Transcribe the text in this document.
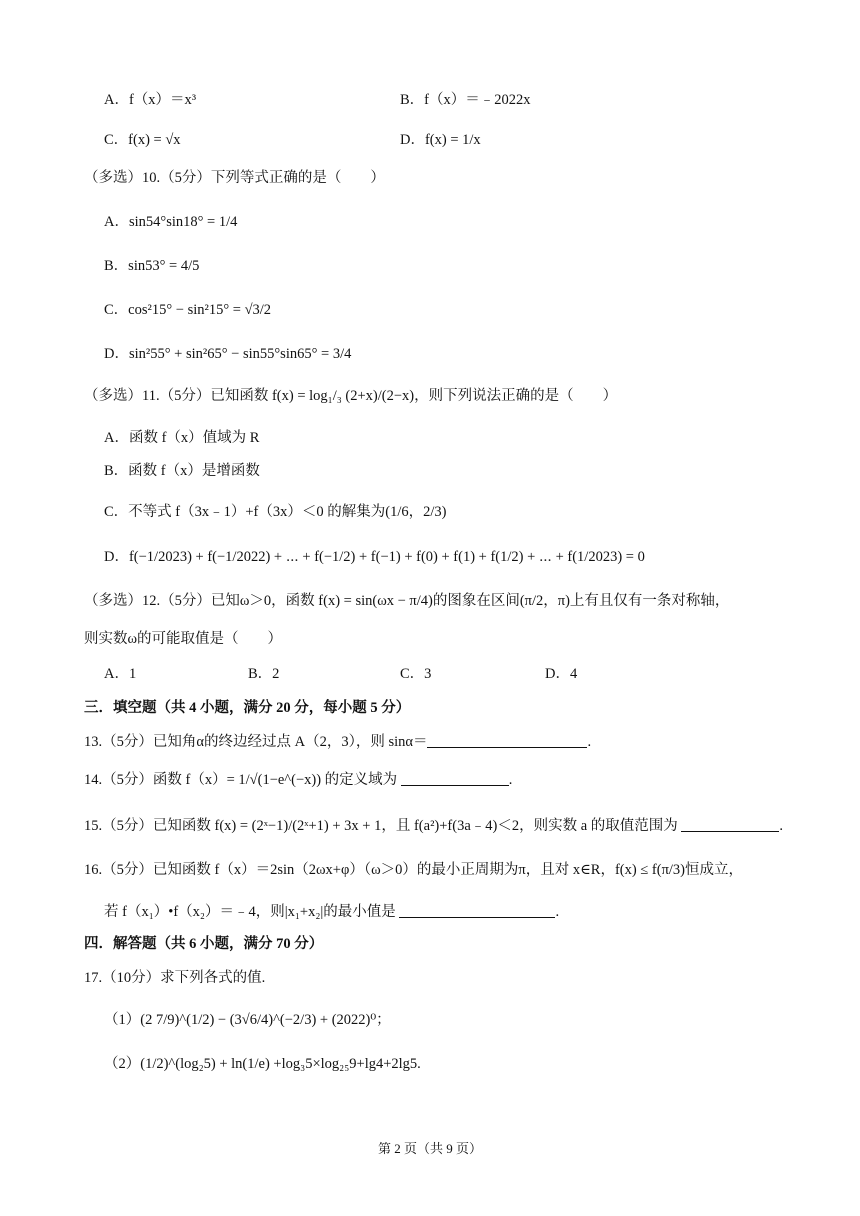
A．f（x）＝x³	B．f（x）＝﹣2022x
C．f(x) = √x	D．f(x) = 1/x
（多选）10.（5分）下列等式正确的是（　　）
A．sin54°sin18° = 1/4
B．sin53° = 4/5
C．cos²15° − sin²15° = √3/2
D．sin²55° + sin²65° − sin55°sin65° = 3/4
（多选）11.（5分）已知函数 f(x) = log₁/₃ (2+x)/(2−x)，则下列说法正确的是（　　）
A．函数 f（x）值域为 R
B．函数 f（x）是增函数
C．不等式 f（3x﹣1）+f（3x）＜0 的解集为(1/6，2/3)
D．f(−1/2023) + f(−1/2022) + ⋯ + f(−1/2) + f(−1) + f(0) + f(1) + f(1/2) + ⋯ + f(1/2023) = 0
（多选）12.（5分）已知ω＞0，函数 f(x) = sin(ωx − π/4)的图象在区间(π/2，π)上有且仅有一条对称轴，
则实数ω的可能取值是（　　）
A．1	B．2	C．3	D．4
三．填空题（共 4 小题，满分 20 分，每小题 5 分）
13.（5分）已知角α的终边经过点 A（2，3），则 sinα＝	.
14.（5分）函数 f（x）= 1/√(1−e^(−x)) 的定义域为	.
15.（5分）已知函数 f(x) = (2ˣ−1)/(2ˣ+1) + 3x + 1，且 f(a²)+f(3a﹣4)＜2，则实数 a 的取值范围为	.
16.（5分）已知函数 f（x）＝2sin（2ωx+φ）（ω＞0）的最小正周期为π，且对 x∈R，f(x) ≤ f(π/3)恒成立，
若 f（x₁）•f（x₂）＝﹣4，则|x₁+x₂|的最小值是	.
四．解答题（共 6 小题，满分 70 分）
17.（10分）求下列各式的值.
（1）(2 7/9)^(1/2) − (3√6/4)^(−2/3) + (2022)⁰；
（2）(1/2)^(log₂5) + ln(1/e) +log₃5×log₂₅9+lg4+2lg5.
第 2 页（共 9 页）
